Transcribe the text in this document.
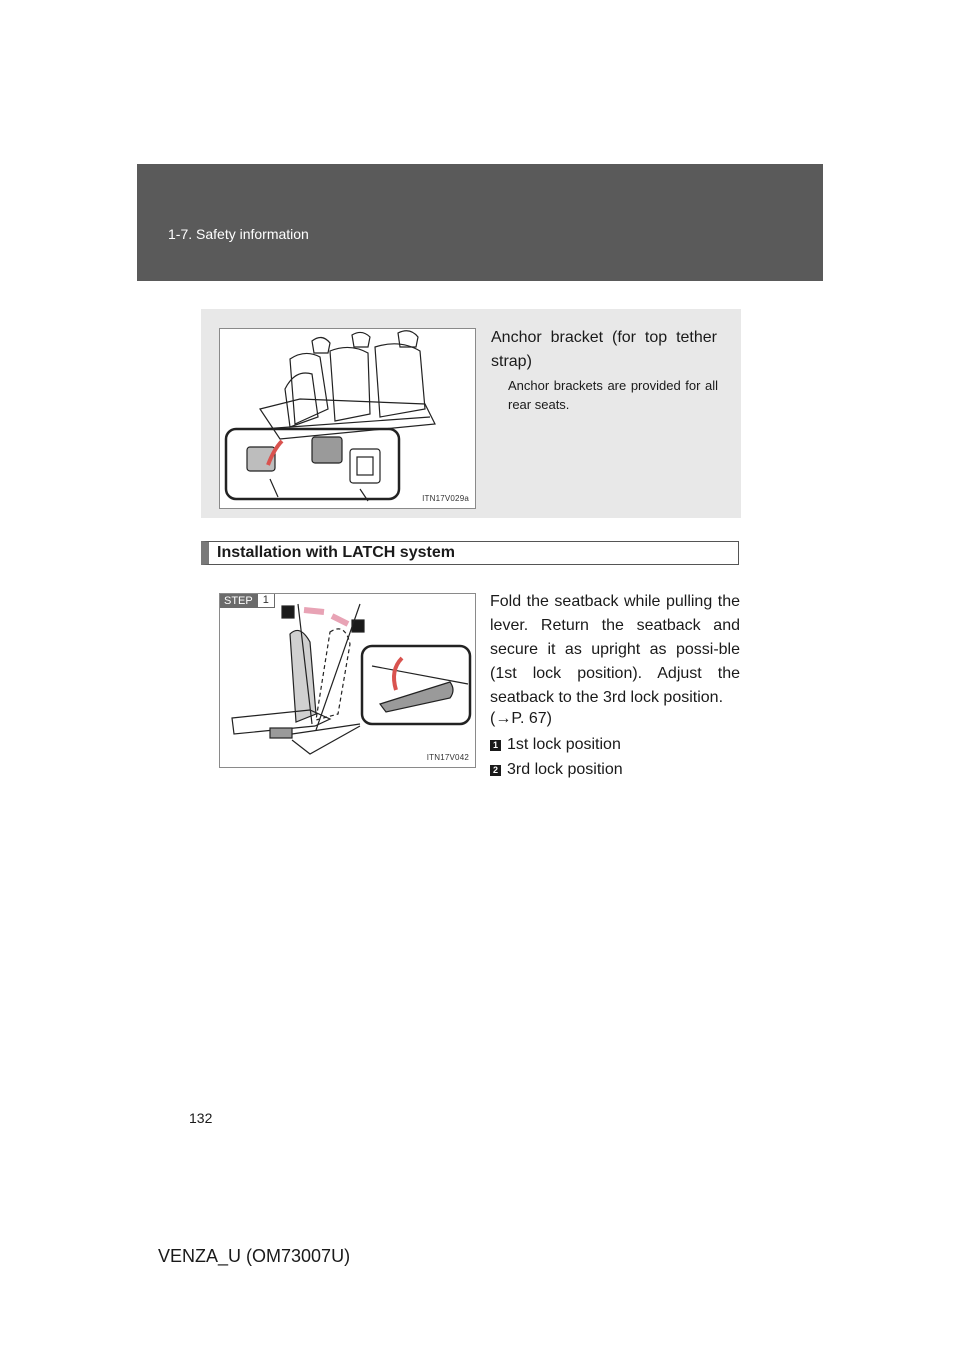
1-7. Safety information
ITN17V029a
Anchor bracket (for top tether strap)
Anchor brackets are provided for all rear seats.
Installation with LATCH system
STEP 1
ITN17V042
Fold the seatback while pulling the lever. Return the seatback and secure it as upright as possi-ble (1st lock position). Adjust the seatback to the 3rd lock position.
(→P. 67)
1 1st lock position
2 3rd lock position
132
VENZA_U (OM73007U)
